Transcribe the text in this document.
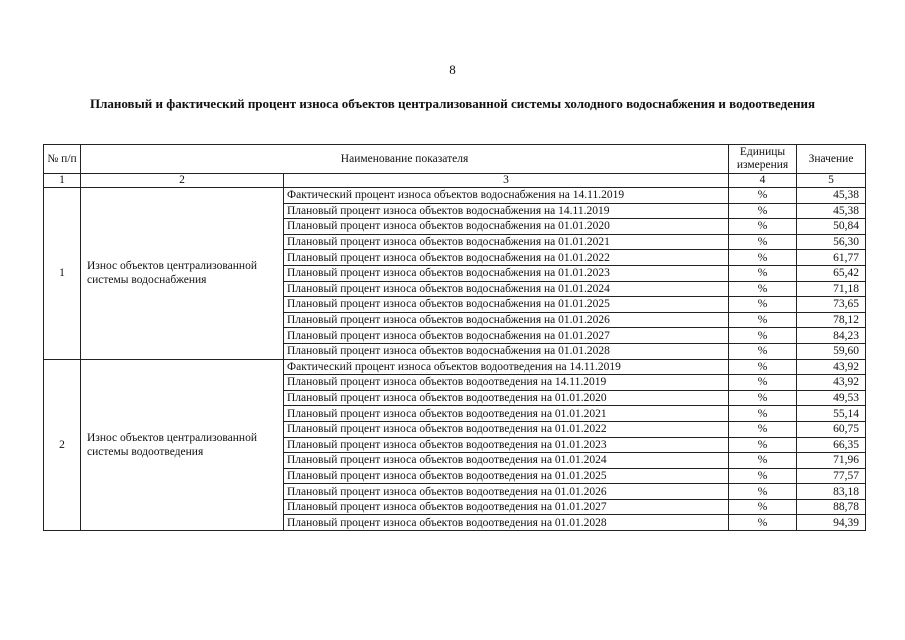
8
Плановый и фактический процент износа объектов централизованной системы холодного водоснабжения и водоотведения
№ п/п	Наименование показателя		Единицы измерения	Значение
1	2	3	4	5
1	Износ объектов централизованной системы водоснабжения	Фактический процент износа объектов водоснабжения на 14.11.2019	%	45,38
		Плановый процент износа объектов водоснабжения на 14.11.2019	%	45,38
		Плановый процент износа объектов водоснабжения на 01.01.2020	%	50,84
		Плановый процент износа объектов водоснабжения на 01.01.2021	%	56,30
		Плановый процент износа объектов водоснабжения на 01.01.2022	%	61,77
		Плановый процент износа объектов водоснабжения на 01.01.2023	%	65,42
		Плановый процент износа объектов водоснабжения на 01.01.2024	%	71,18
		Плановый процент износа объектов водоснабжения на 01.01.2025	%	73,65
		Плановый процент износа объектов водоснабжения на 01.01.2026	%	78,12
		Плановый процент износа объектов водоснабжения на 01.01.2027	%	84,23
		Плановый процент износа объектов водоснабжения на 01.01.2028	%	59,60
2	Износ объектов централизованной системы водоотведения	Фактический процент износа объектов водоотведения на 14.11.2019	%	43,92
		Плановый процент износа объектов водоотведения на 14.11.2019	%	43,92
		Плановый процент износа объектов водоотведения на 01.01.2020	%	49,53
		Плановый процент износа объектов водоотведения на 01.01.2021	%	55,14
		Плановый процент износа объектов водоотведения на 01.01.2022	%	60,75
		Плановый процент износа объектов водоотведения на 01.01.2023	%	66,35
		Плановый процент износа объектов водоотведения на 01.01.2024	%	71,96
		Плановый процент износа объектов водоотведения на 01.01.2025	%	77,57
		Плановый процент износа объектов водоотведения на 01.01.2026	%	83,18
		Плановый процент износа объектов водоотведения на 01.01.2027	%	88,78
		Плановый процент износа объектов водоотведения на 01.01.2028	%	94,39
